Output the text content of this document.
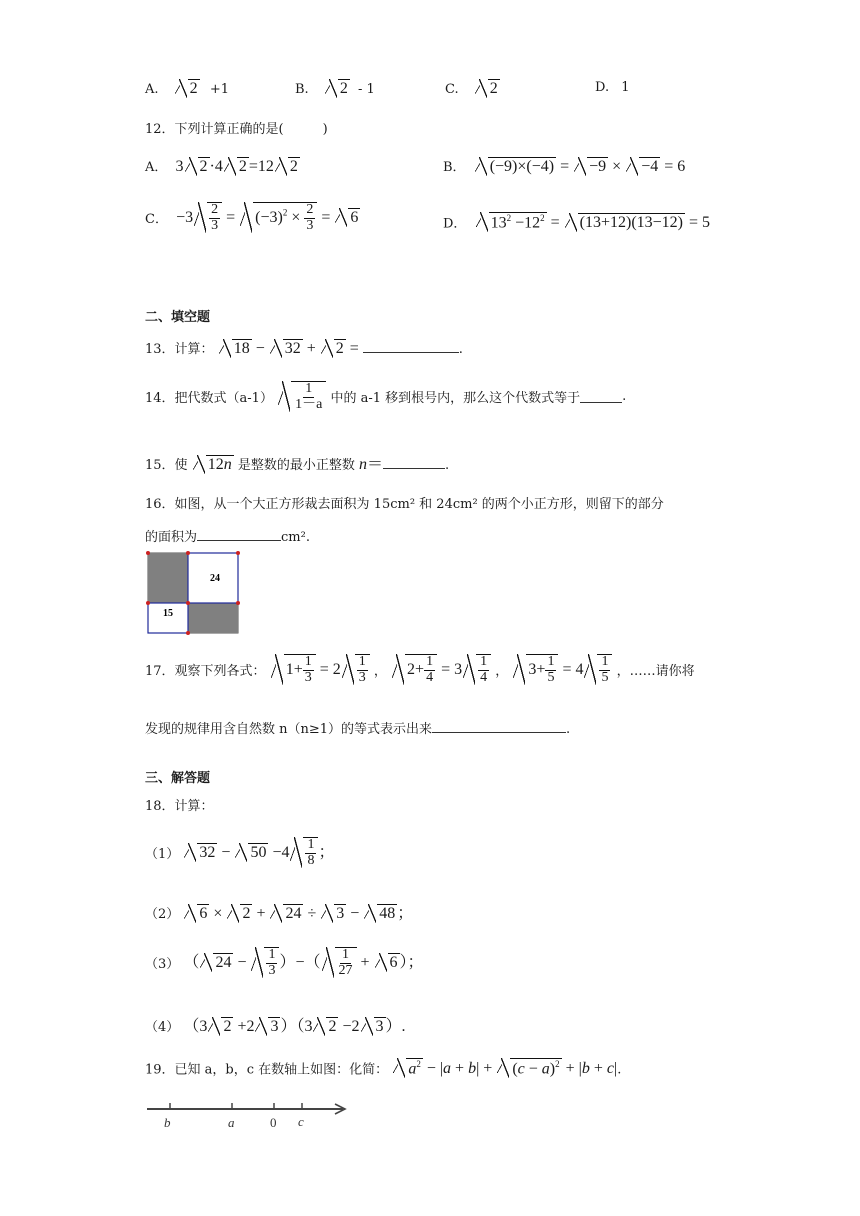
A. 2 +1	B. 2 - 1	C. 2	D. 1
12．下列计算正确的是(　　　)
A． 3 2 ·4 2 =12 2	B． (−9)×(−4) = −9 × −4 = 6
C． $-3 \frac{2}{3} = (-3)^2 \times \frac{2}{3} = 6$	D． $13^2 -12^2 = (13+12)(13-12) = 5$
二、填空题
13．计算： 18 − 32 + 2 =	.
14．把代数式$(a-1) \frac{1}{1-a}$ 中的 a-1 移到根号内，那么这个代数式等于	.
15．使 12n 是整数的最小正整数 n＝	.
16．如图，从一个大正方形裁去面积为 15cm² 和 24cm² 的两个小正方形，则留下的部分
的面积为	cm².
24
15
17．观察下列各式： $1+ \frac{1}{3} = 2 \frac{1}{3}$ ， $2+ \frac{1}{4} = 3 \frac{1}{4}$ ， $3+ \frac{1}{5} = 4 \frac{1}{5}$ ，……请你将
发现的规律用含自然数 n（n≥1）的等式表示出来	.
三、解答题
18．计算：
（1） $32 - 50 -4 \frac{1}{8}$ ；
（2） 6 × 2 + 24 ÷ 3 − 48 ；
（3） （ $24 - \frac{1}{3}$ ）−（ $\frac{1}{27} + 6$ ）；
（4） （3 2 +2 3 ）（3 2 −2 3 ）.
19．已知 a，b，c 在数轴上如图：化简： $a^2 - |a + b| + (c - a)^2 + |b + c|$.
b	a	0 c
